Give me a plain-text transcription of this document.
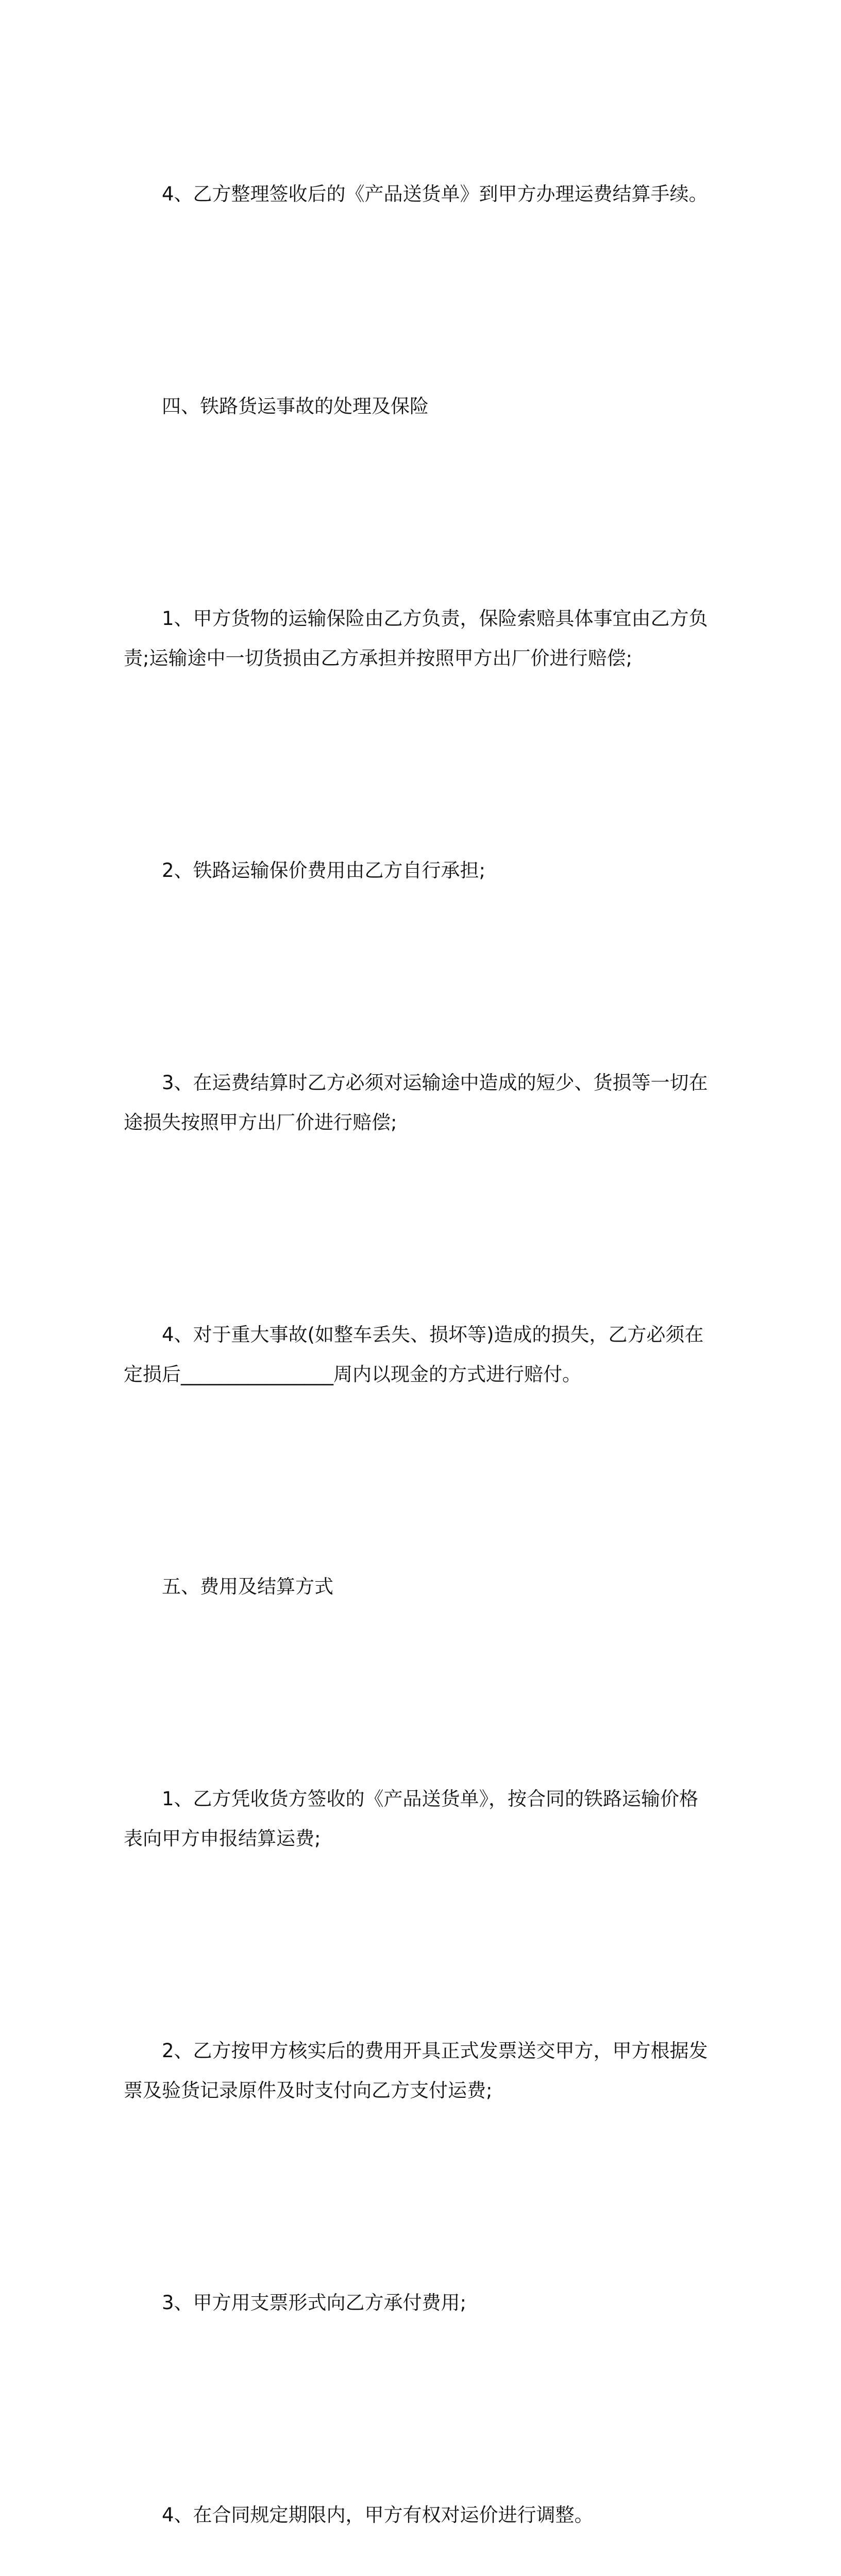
4、乙方整理签收后的《产品送货单》到甲方办理运费结算手续。

四、铁路货运事故的处理及保险

1、甲方货物的运输保险由乙方负责，保险索赔具体事宜由乙方负
责;运输途中一切货损由乙方承担并按照甲方出厂价进行赔偿;

2、铁路运输保价费用由乙方自行承担;

3、在运费结算时乙方必须对运输途中造成的短少、货损等一切在
途损失按照甲方出厂价进行赔偿;

4、对于重大事故(如整车丢失、损坏等)造成的损失，乙方必须在
定损后________________周内以现金的方式进行赔付。

五、费用及结算方式

1、乙方凭收货方签收的《产品送货单》，按合同的铁路运输价格
表向甲方申报结算运费;

2、乙方按甲方核实后的费用开具正式发票送交甲方，甲方根据发
票及验货记录原件及时支付向乙方支付运费;

3、甲方用支票形式向乙方承付费用;

4、在合同规定期限内，甲方有权对运价进行调整。
